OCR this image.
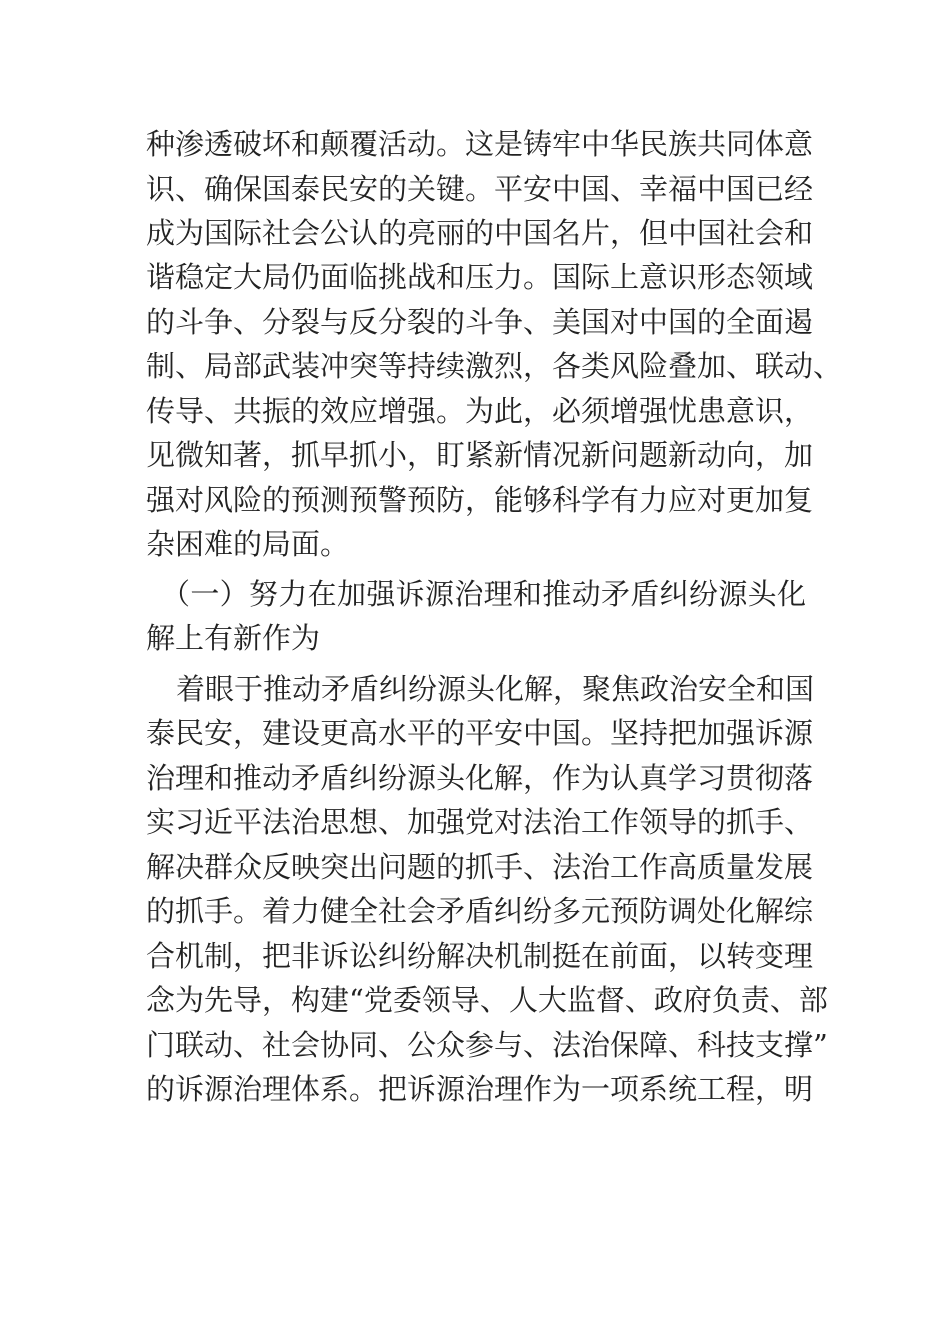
种渗透破坏和颠覆活动。这是铸牢中华民族共同体意
识、确保国泰民安的关键。平安中国、幸福中国已经
成为国际社会公认的亮丽的中国名片，但中国社会和
谐稳定大局仍面临挑战和压力。国际上意识形态领域
的斗争、分裂与反分裂的斗争、美国对中国的全面遏
制、局部武装冲突等持续激烈，各类风险叠加、联动、
传导、共振的效应增强。为此，必须增强忧患意识，
见微知著，抓早抓小，盯紧新情况新问题新动向，加
强对风险的预测预警预防，能够科学有力应对更加复
杂困难的局面。
（一）努力在加强诉源治理和推动矛盾纠纷源头化
解上有新作为
着眼于推动矛盾纠纷源头化解，聚焦政治安全和国
泰民安，建设更高水平的平安中国。坚持把加强诉源
治理和推动矛盾纠纷源头化解，作为认真学习贯彻落
实习近平法治思想、加强党对法治工作领导的抓手、
解决群众反映突出问题的抓手、法治工作高质量发展
的抓手。着力健全社会矛盾纠纷多元预防调处化解综
合机制，把非诉讼纠纷解决机制挺在前面，以转变理
念为先导，构建“党委领导、人大监督、政府负责、部
门联动、社会协同、公众参与、法治保障、科技支撑”
的诉源治理体系。把诉源治理作为一项系统工程，明
